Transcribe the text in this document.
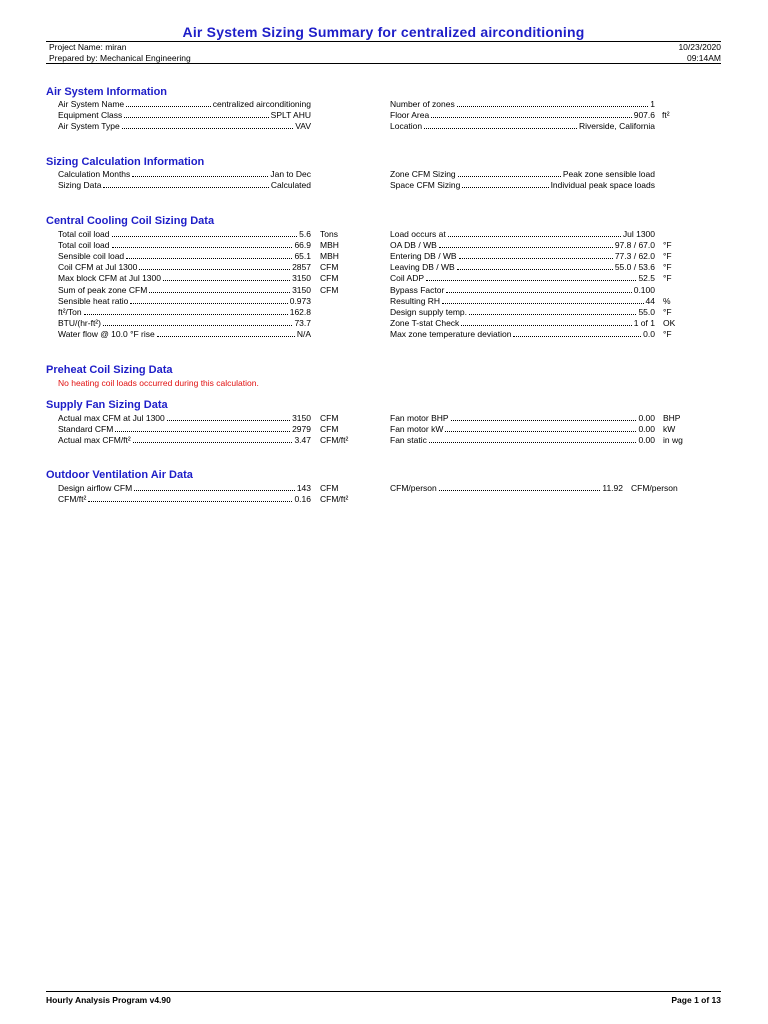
Air System Sizing Summary for centralized airconditioning
Project Name: miran
Prepared by: Mechanical Engineering
10/23/2020
09:14AM
Air System Information
Air System Name	centralized airconditioning
Equipment Class	SPLT AHU
Air System Type	VAV
Number of zones	1
Floor Area	907.6 ft²
Location	Riverside, California
Sizing Calculation Information
Calculation Months	Jan to Dec
Sizing Data	Calculated
Zone CFM Sizing	Peak zone sensible load
Space CFM Sizing	Individual peak space loads
Central Cooling Coil Sizing Data
Total coil load	5.6 Tons
Total coil load	66.9 MBH
Sensible coil load	65.1 MBH
Coil CFM at Jul 1300	2857 CFM
Max block CFM at Jul 1300	3150 CFM
Sum of peak zone CFM	3150 CFM
Sensible heat ratio	0.973
ft²/Ton	162.8
BTU/(hr-ft²)	73.7
Water flow @ 10.0 °F rise	N/A
Load occurs at	Jul 1300
OA DB / WB	97.8 / 67.0 °F
Entering DB / WB	77.3 / 62.0 °F
Leaving DB / WB	55.0 / 53.6 °F
Coil ADP	52.5 °F
Bypass Factor	0.100
Resulting RH	44 %
Design supply temp.	55.0 °F
Zone T-stat Check	1 of 1 OK
Max zone temperature deviation	0.0 °F
Preheat Coil Sizing Data
No heating coil loads occurred during this calculation.
Supply Fan Sizing Data
Actual max CFM at Jul 1300	3150 CFM
Standard CFM	2979 CFM
Actual max CFM/ft²	3.47 CFM/ft²
Fan motor BHP	0.00 BHP
Fan motor kW	0.00 kW
Fan static	0.00 in wg
Outdoor Ventilation Air Data
Design airflow CFM	143 CFM
CFM/ft²	0.16 CFM/ft²
CFM/person	11.92 CFM/person
Hourly Analysis Program v4.90	Page 1 of 13
